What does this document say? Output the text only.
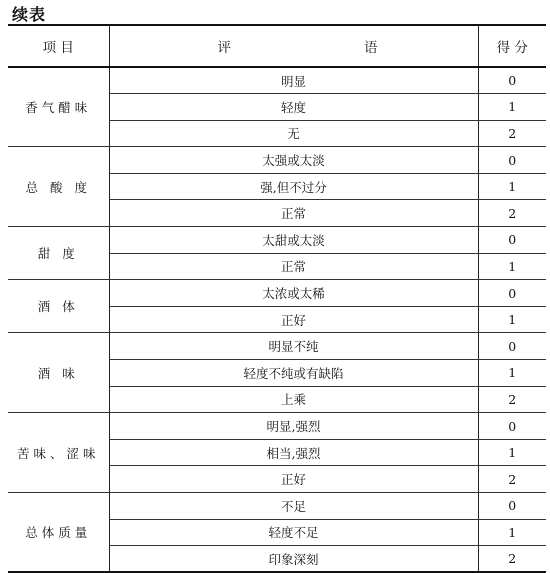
续表
项 目	评 语	得 分
香气醋味	明显	0
	轻度	1
	无	2
总 酸 度	太强或太淡	0
	强,但不过分	1
	正常	2
甜 度	太甜或太淡	0
	正常	1
酒 体	太浓或太稀	0
	正好	1
酒 味	明显不纯	0
	轻度不纯或有缺陷	1
	上乘	2
苦味、涩味	明显,强烈	0
	相当,强烈	1
	正好	2
总体质量	不足	0
	轻度不足	1
	印象深刻	2
